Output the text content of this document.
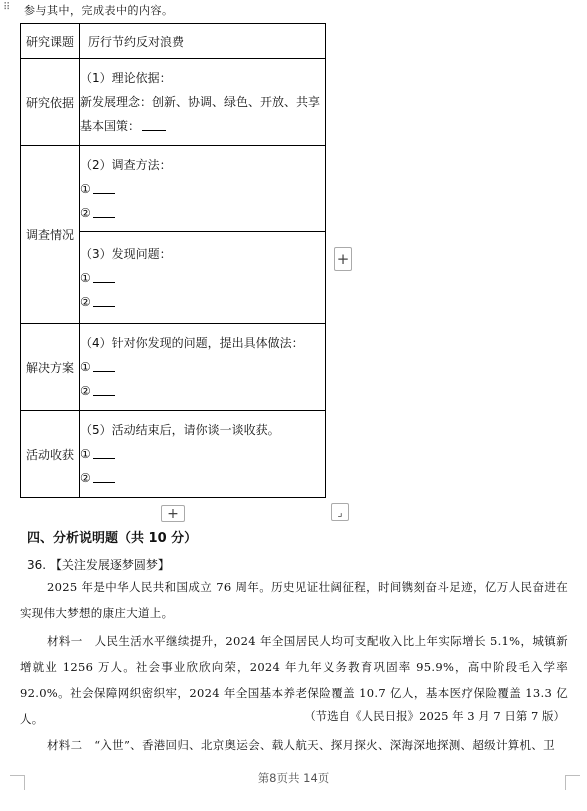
⠿ 参与其中，完成表中的内容。
研究课题	厉行节约反对浪费
研究依据	（1）理论依据：
新发展理念：创新、协调、绿色、开放、共享
基本国策：

调查情况	（2）调查方法：
①
②

	（3）发现问题：
①
②

解决方案	（4）针对你发现的问题，提出具体做法：
①
②

活动收获	（5）活动结束后，请你谈一谈收获。
①
②
+
+	⌟
四、分析说明题（共 10 分）
36. 【关注发展逐梦圆梦】
2025 年是中华人民共和国成立 76 周年。历史见证壮阔征程，时间镌刻奋斗足迹，亿万人民奋进在实现伟大梦想的康庄大道上。
材料一　人民生活水平继续提升，2024 年全国居民人均可支配收入比上年实际增长 5.1%，城镇新增就业 1256 万人。社会事业欣欣向荣，2024 年九年义务教育巩固率 95.9%，高中阶段毛入学率 92.0%。社会保障网织密织牢，2024 年全国基本养老保险覆盖 10.7 亿人，基本医疗保险覆盖 13.3 亿人。	（节选自《人民日报》2025 年 3 月 7 日第 7 版）
材料二　“入世”、香港回归、北京奥运会、载人航天、探月探火、深海深地探测、超级计算机、卫
第8页共 14页
